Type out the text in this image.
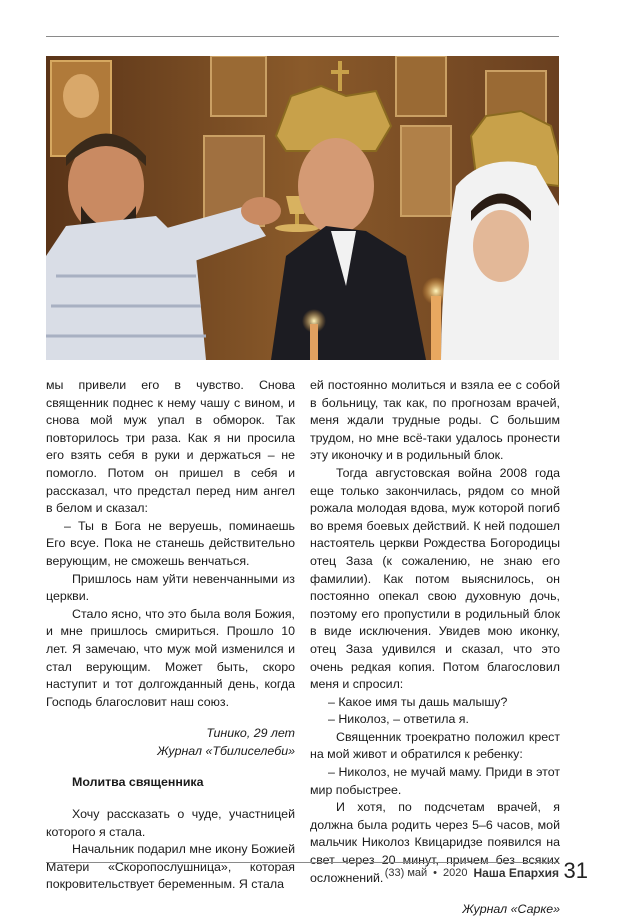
мы привели его в чувство. Снова священник поднес к нему чашу с вином, и снова мой муж упал в обморок. Так повторилось три раза. Как я ни просила его взять себя в руки и держаться – не помогло. Потом он пришел в себя и рассказал, что предстал перед ним ангел в белом и сказал:

– Ты в Бога не веруешь, поминаешь Его всуе. Пока не станешь действительно верующим, не сможешь венчаться.

Пришлось нам уйти невенчанными из церкви.

Стало ясно, что это была воля Божия, и мне пришлось смириться. Прошло 10 лет. Я замечаю, что муж мой изменился и стал верующим. Может быть, скоро наступит и тот долгожданный день, когда Господь благословит наш союз.

Тинико, 29 лет

Журнал «Тбилиселеби»

Молитва священника

Хочу рассказать о чуде, участницей которого я стала.

Начальник подарил мне икону Божией Матери «Скоропослушница», которая покровительствует беременным. Я стала

ей постоянно молиться и взяла ее с собой в больницу, так как, по прогнозам врачей, меня ждали трудные роды. С большим трудом, но мне всё-таки удалось пронести эту иконочку и в родильный блок.

Тогда августовская война 2008 года еще только закончилась, рядом со мной рожала молодая вдова, муж которой погиб во время боевых действий. К ней подошел настоятель церкви Рождества Богородицы отец Заза (к сожалению, не знаю его фамилии). Как потом выяснилось, он постоянно опекал свою духовную дочь, поэтому его пропустили в родильный блок в виде исключения. Увидев мою иконку, отец Заза удивился и сказал, что это очень редкая копия. Потом благословил меня и спросил:

– Какое имя ты дашь малышу?

– Николоз, – ответила я.

Священник троекратно положил крест на мой живот и обратился к ребенку:

– Николоз, не мучай маму. Приди в этот мир побыстрее.

И хотя, по подсчетам врачей, я должна была родить через 5–6 часов, мой мальчик Николоз Квицаридзе появился на свет через 20 минут, причем без всяких осложнений.

Журнал «Сарке»

(33) май • 2020 Наша Епархия 31
